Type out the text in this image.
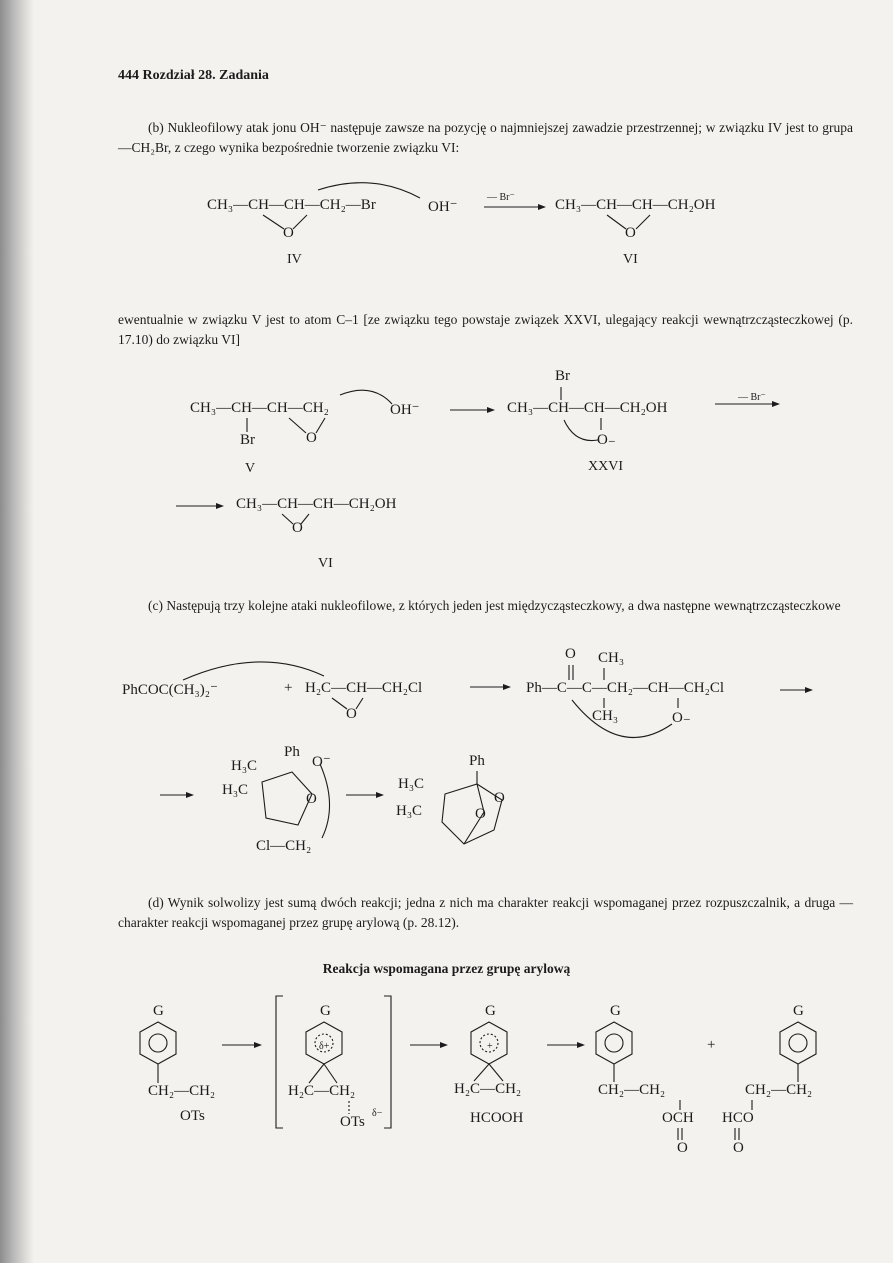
444 Rozdział 28. Zadania

(b) Nukleofilowy atak jonu OH⁻ następuje zawsze na pozycję o najmniejszej zawadzie przestrzennej; w związku IV jest to grupa —CH₂Br, z czego wynika bezpośrednie tworzenie związku VI:

CH₃—CH—CH—CH₂—Br
O
OH⁻
— Br⁻	CH₃—CH—CH—CH₂OH
O
IV	VI

ewentualnie w związku V jest to atom C–1 [ze związku tego powstaje związek XXVI, ulegający reakcji wewnątrzcząsteczkowej (p. 17.10) do związku VI]

CH₃—CH—CH—CH₂
Br	O
OH⁻
Br
CH₃—CH—CH—CH₂OH
O₋
— Br⁻
V	XXVI
CH₃—CH—CH—CH₂OH
O
VI

(c) Następują trzy kolejne ataki nukleofilowe, z których jeden jest międzycząsteczkowy, a dwa następne wewnątrzcząsteczkowe

PhCOC(CH₃)₂⁻	+ H₂C—CH—CH₂Cl
O
O CH₃
Ph—C—C—CH₂—CH—CH₂Cl
CH₃	O₋
H₃C
H₃C
Ph
O⁻
O
Cl—CH₂
Ph
H₃C
H₃C
O
O

(d) Wynik solwolizy jest sumą dwóch reakcji; jedna z nich ma charakter reakcji wspomaganej przez rozpuszczalnik, a druga — charakter reakcji wspomaganej przez grupę arylową (p. 28.12).

Reakcja wspomagana przez grupę arylową

G
CH₂—CH₂
OTs
G
δ+
H₂C—CH₂
OTs
δ−
G
+
H₂C—CH₂
HCOOH
G
CH₂—CH₂
OCH
O
+
G
CH₂—CH₂
HCO
O
